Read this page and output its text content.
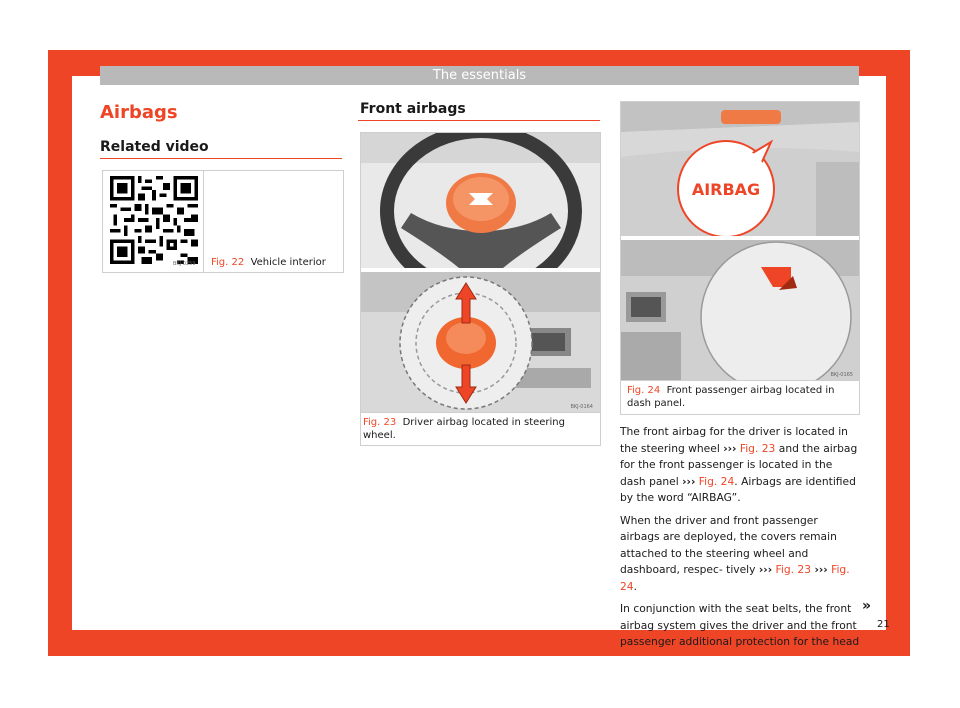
The essentials
Airbags
Related video
BKJ-0259 Fig. 22 Vehicle interior
Front airbags
BKJ-0164
Fig. 23 Driver airbag located in steering wheel.
AIRBAG
BKJ-0165
Fig. 24 Front passenger airbag located in dash panel.

The front airbag for the driver is located in the steering wheel ››› Fig. 23 and the airbag for the front passenger is located in the dash panel ››› Fig. 24. Airbags are identified by the word “AIRBAG”.

When the driver and front passenger airbags are deployed, the covers remain attached to the steering wheel and dashboard, respec- tively ››› Fig. 23 ››› Fig. 24.

In conjunction with the seat belts, the front airbag system gives the driver and the front passenger additional protection for the head

»
21
